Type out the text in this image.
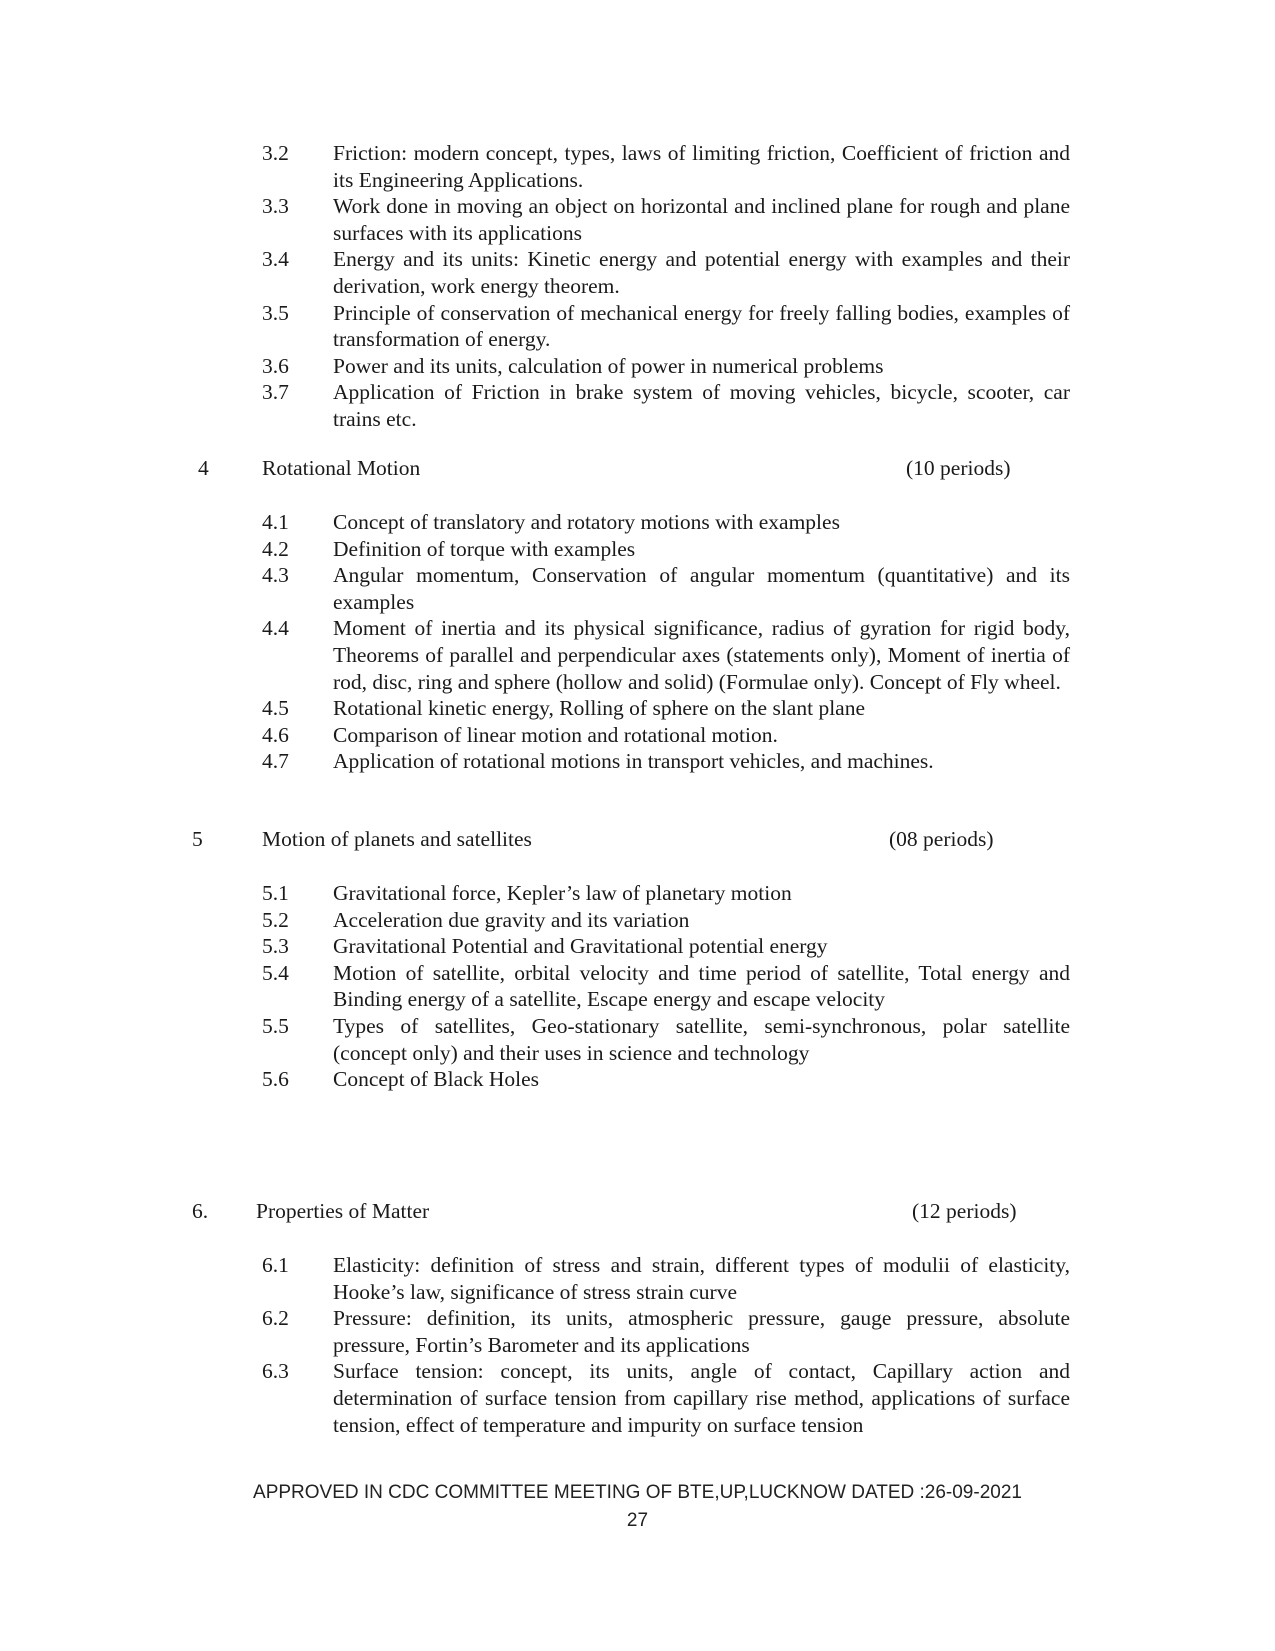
3.2	Friction: modern concept, types, laws of limiting friction, Coefficient of friction and its Engineering Applications.
3.3	Work done in moving an object on horizontal and inclined plane for rough and plane surfaces with its applications
3.4	Energy and its units: Kinetic energy and potential energy with examples and their derivation, work energy theorem.
3.5	Principle of conservation of mechanical energy for freely falling bodies, examples of transformation of energy.
3.6	Power and its units, calculation of power in numerical problems
3.7	Application of Friction in brake system of moving vehicles, bicycle, scooter, car trains etc.
4 Rotational Motion	(10 periods)
4.1	Concept of translatory and rotatory motions with examples
4.2	Definition of torque with examples
4.3	Angular momentum, Conservation of angular momentum (quantitative) and its examples
4.4	Moment of inertia and its physical significance, radius of gyration for rigid body, Theorems of parallel and perpendicular axes (statements only), Moment of inertia of rod, disc, ring and sphere (hollow and solid) (Formulae only). Concept of Fly wheel.
4.5	Rotational kinetic energy, Rolling of sphere on the slant plane
4.6	Comparison of linear motion and rotational motion.
4.7	Application of rotational motions in transport vehicles, and machines.
5	Motion of planets and satellites	(08 periods)
5.1	Gravitational force, Kepler’s law of planetary motion
5.2	Acceleration due gravity and its variation
5.3	Gravitational Potential and Gravitational potential energy
5.4	Motion of satellite, orbital velocity and time period of satellite, Total energy and Binding energy of a satellite, Escape energy and escape velocity
5.5	Types of satellites, Geo-stationary satellite, semi-synchronous, polar satellite (concept only) and their uses in science and technology
5.6	Concept of Black Holes
6. Properties of Matter	(12 periods)
6.1	Elasticity: definition of stress and strain, different types of modulii of elasticity, Hooke’s law, significance of stress strain curve
6.2	Pressure: definition, its units, atmospheric pressure, gauge pressure, absolute pressure, Fortin’s Barometer and its applications
6.3	Surface tension: concept, its units, angle of contact, Capillary action and determination of surface tension from capillary rise method, applications of surface tension, effect of temperature and impurity on surface tension
APPROVED IN CDC COMMITTEE MEETING OF BTE,UP,LUCKNOW DATED :26-09-2021
27
